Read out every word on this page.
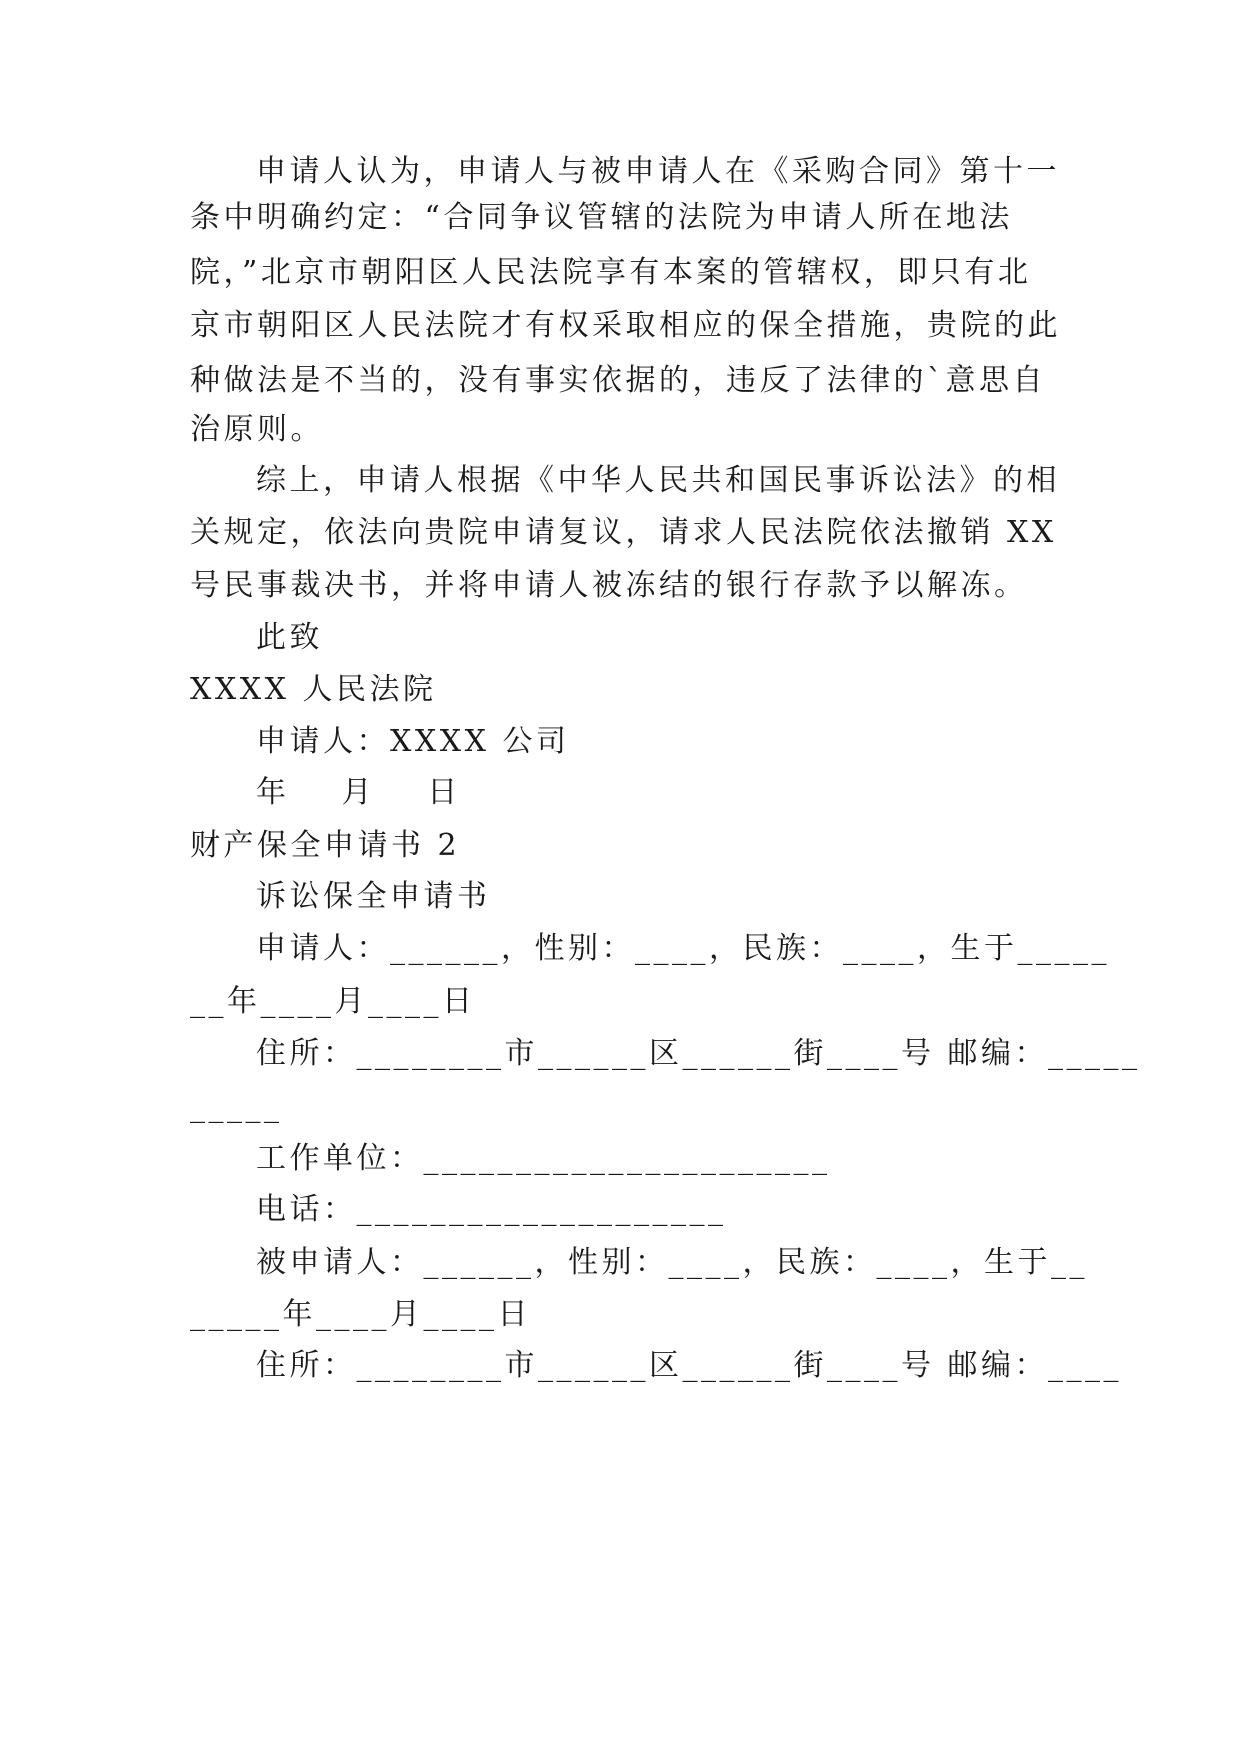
申请人认为，申请人与被申请人在《采购合同》第十一
条中明确约定：“合同争议管辖的法院为申请人所在地法
院，”北京市朝阳区人民法院享有本案的管辖权，即只有北
京市朝阳区人民法院才有权采取相应的保全措施，贵院的此
种做法是不当的，没有事实依据的，违反了法律的`意思自
治原则。
综上，申请人根据《中华人民共和国民事诉讼法》的相
关规定，依法向贵院申请复议，请求人民法院依法撤销 XX
号民事裁决书，并将申请人被冻结的银行存款予以解冻。
此致
XXXX 人民法院
申请人：XXXX 公司
年    月    日
财产保全申请书 2
诉讼保全申请书
申请人：______，性别：____，民族：____，生于_____
__年____月____日
住所：________市______区______街____号 邮编：_____
_____
工作单位：______________________
电话：____________________
被申请人：______，性别：____，民族：____，生于__
_____年____月____日
住所：________市______区______街____号 邮编：____
